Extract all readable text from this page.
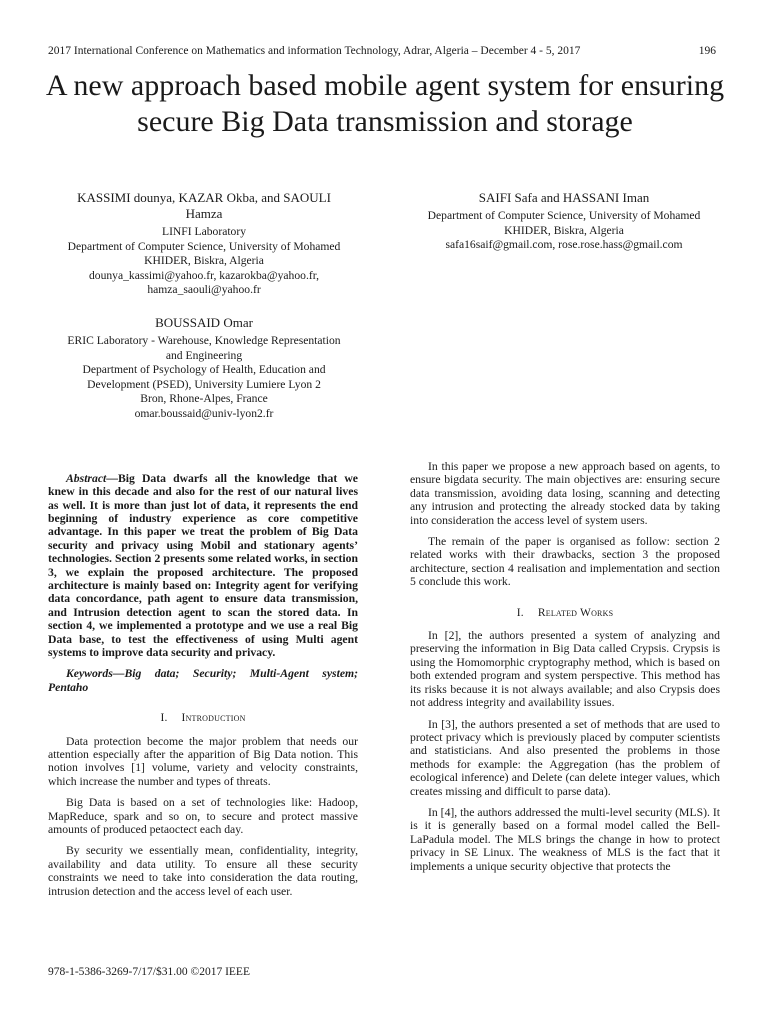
2017 International Conference on Mathematics and information Technology, Adrar, Algeria – December 4 - 5, 2017	196
A new approach based mobile agent system for ensuring secure Big Data transmission and storage
KASSIMI dounya, KAZAR Okba, and SAOULI Hamza
LINFI Laboratory
Department of Computer Science, University of Mohamed
KHIDER, Biskra, Algeria
dounya_kassimi@yahoo.fr, kazarokba@yahoo.fr,
hamza_saouli@yahoo.fr
SAIFI Safa and HASSANI Iman
Department of Computer Science, University of Mohamed
KHIDER, Biskra, Algeria
safa16saif@gmail.com, rose.rose.hass@gmail.com
BOUSSAID Omar
ERIC Laboratory - Warehouse, Knowledge Representation
and Engineering
Department of Psychology of Health, Education and
Development (PSED), University Lumiere Lyon 2
Bron, Rhone-Alpes, France
omar.boussaid@univ-lyon2.fr

Abstract—Big Data dwarfs all the knowledge that we knew in this decade and also for the rest of our natural lives as well. It is more than just lot of data, it represents the end beginning of industry experience as core competitive advantage. In this paper we treat the problem of Big Data security and privacy using Mobil and stationary agents’ technologies. Section 2 presents some related works, in section 3, we explain the proposed architecture. The proposed architecture is mainly based on: Integrity agent for verifying data concordance, path agent to ensure data transmission, and Intrusion detection agent to scan the stored data. In section 4, we implemented a prototype and we use a real Big Data base, to test the effectiveness of using Multi agent systems to improve data security and privacy.

Keywords—Big data; Security; Multi-Agent system; Pentaho

I. Introduction

Data protection become the major problem that needs our attention especially after the apparition of Big Data notion. This notion involves [1] volume, variety and velocity constraints, which increase the number and types of threats.

Big Data is based on a set of technologies like: Hadoop, MapReduce, spark and so on, to secure and protect massive amounts of produced petaoctect each day.

By security we essentially mean, confidentiality, integrity, availability and data utility. To ensure all these security constraints we need to take into consideration the data routing, intrusion detection and the access level of each user.

In this paper we propose a new approach based on agents, to ensure bigdata security. The main objectives are: ensuring secure data transmission, avoiding data losing, scanning and detecting any intrusion and protecting the already stocked data by taking into consideration the access level of system users.

The remain of the paper is organised as follow: section 2 related works with their drawbacks, section 3 the proposed architecture, section 4 realisation and implementation and section 5 conclude this work.

I. Related Works

In [2], the authors presented a system of analyzing and preserving the information in Big Data called Crypsis. Crypsis is using the Homomorphic cryptography method, which is based on both extended program and system perspective. This method has its risks because it is not always available; and also Crypsis does not address integrity and availability issues.

In [3], the authors presented a set of methods that are used to protect privacy which is previously placed by computer scientists and statisticians. And also presented the problems in those methods for example: the Aggregation (has the problem of ecological inference) and Delete (can delete integer values, which creates missing and difficult to parse data).

In [4], the authors addressed the multi-level security (MLS). It is it is generally based on a formal model called the Bell-LaPadula model. The MLS brings the change in how to protect privacy in SE Linux. The weakness of MLS is the fact that it implements a unique security objective that protects the

978-1-5386-3269-7/17/$31.00 ©2017 IEEE
